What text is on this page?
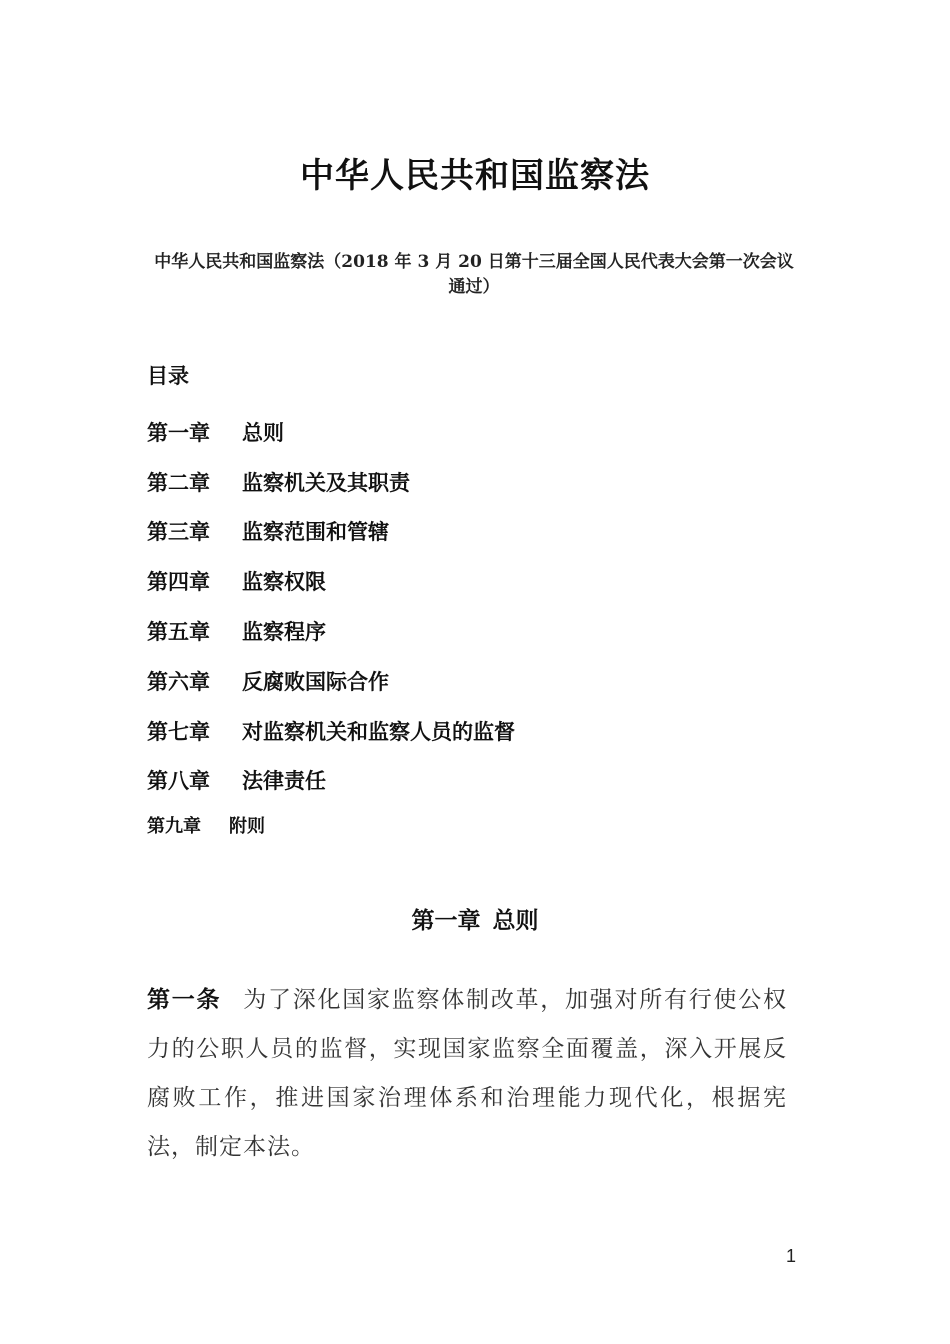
中华人民共和国监察法
中华人民共和国监察法（2018 年 3 月 20 日第十三届全国人民代表大会第一次会议通过）
目录
第一章	总则
第二章	监察机关及其职责
第三章	监察范围和管辖
第四章	监察权限
第五章	监察程序
第六章	反腐败国际合作
第七章	对监察机关和监察人员的监督
第八章	法律责任
第九章	附则
第一章 总则
第一条 为了深化国家监察体制改革，加强对所有行使公权力的公职人员的监督，实现国家监察全面覆盖，深入开展反腐败工作，推进国家治理体系和治理能力现代化，根据宪法，制定本法。
1
